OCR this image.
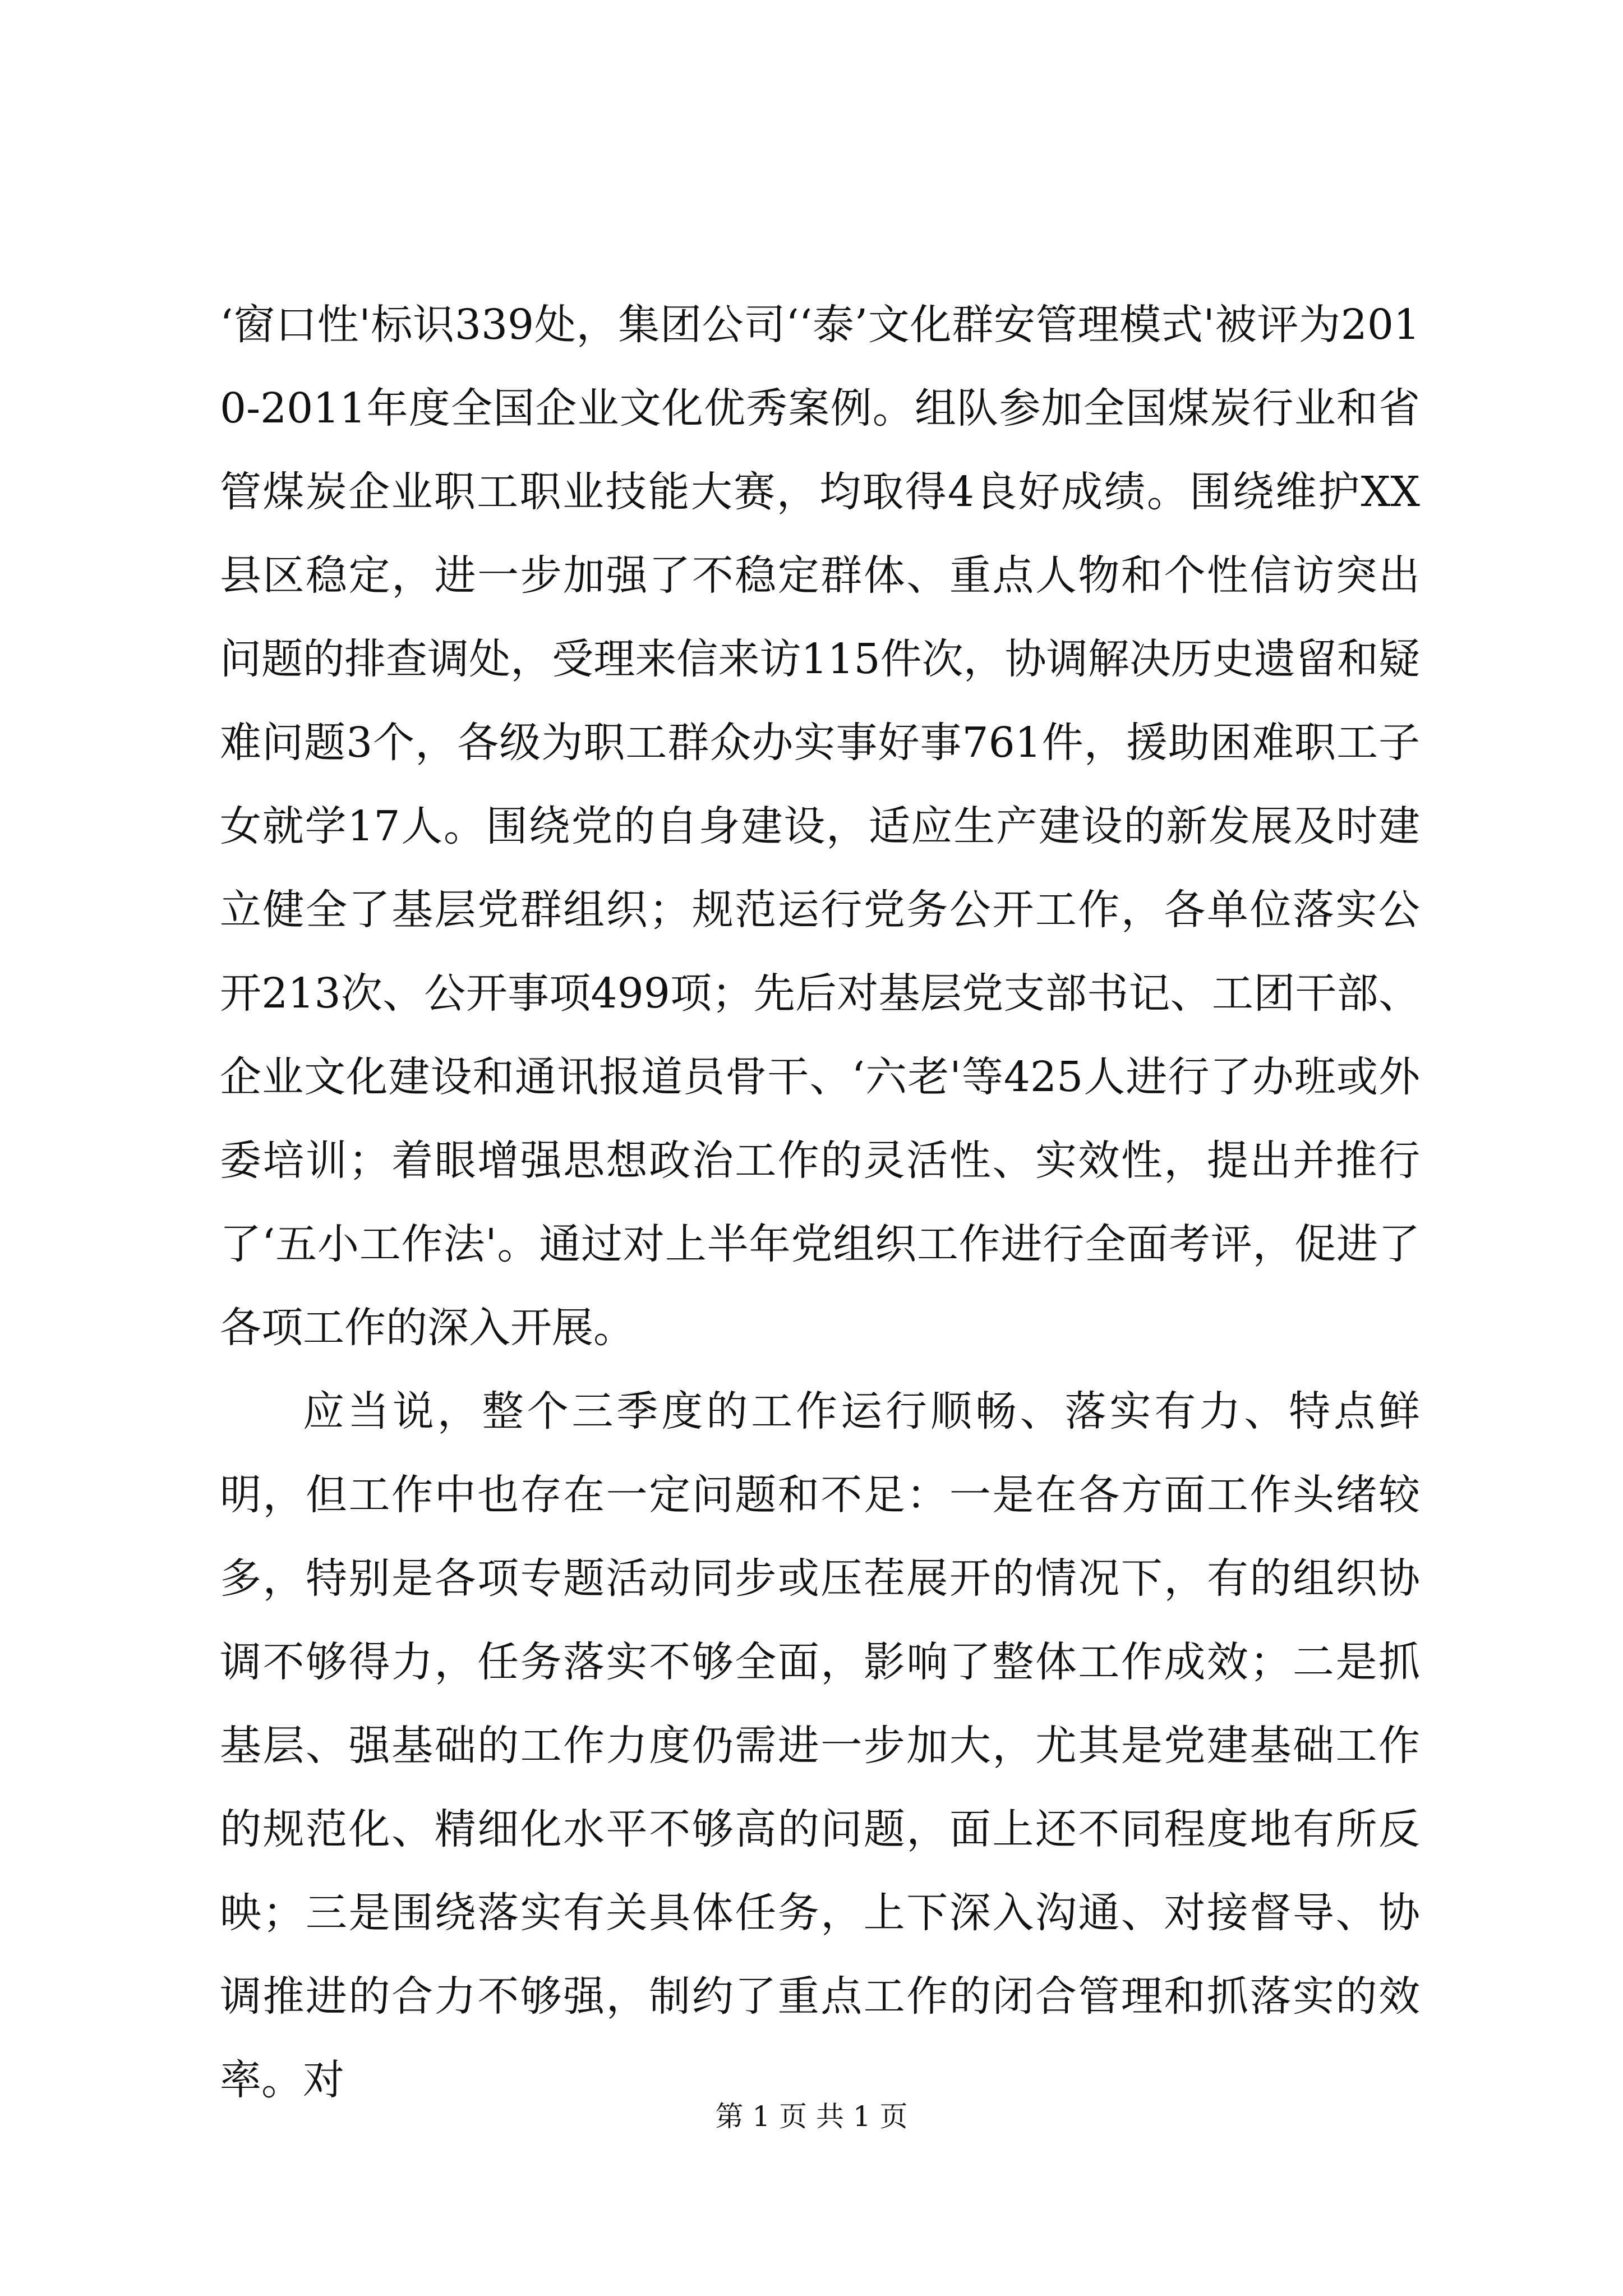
‘窗口性'标识339处，集团公司‘‘泰’文化群安管理模式'被评为2010-2011年度全国企业文化优秀案例。组队参加全国煤炭行业和省管煤炭企业职工职业技能大赛，均取得4良好成绩。围绕维护XX县区稳定，进一步加强了不稳定群体、重点人物和个性信访突出问题的排查调处，受理来信来访115件次，协调解决历史遗留和疑难问题3个，各级为职工群众办实事好事761件，援助困难职工子女就学17人。围绕党的自身建设，适应生产建设的新发展及时建立健全了基层党群组织；规范运行党务公开工作，各单位落实公开213次、公开事项499项；先后对基层党支部书记、工团干部、企业文化建设和通讯报道员骨干、‘六老'等425人进行了办班或外委培训；着眼增强思想政治工作的灵活性、实效性，提出并推行了‘五小工作法'。通过对上半年党组织工作进行全面考评，促进了各项工作的深入开展。

应当说，整个三季度的工作运行顺畅、落实有力、特点鲜明，但工作中也存在一定问题和不足：一是在各方面工作头绪较多，特别是各项专题活动同步或压茬展开的情况下，有的组织协调不够得力，任务落实不够全面，影响了整体工作成效；二是抓基层、强基础的工作力度仍需进一步加大，尤其是党建基础工作的规范化、精细化水平不够高的问题，面上还不同程度地有所反映；三是围绕落实有关具体任务，上下深入沟通、对接督导、协调推进的合力不够强，制约了重点工作的闭合管理和抓落实的效率。对

第 1 页 共 1 页
